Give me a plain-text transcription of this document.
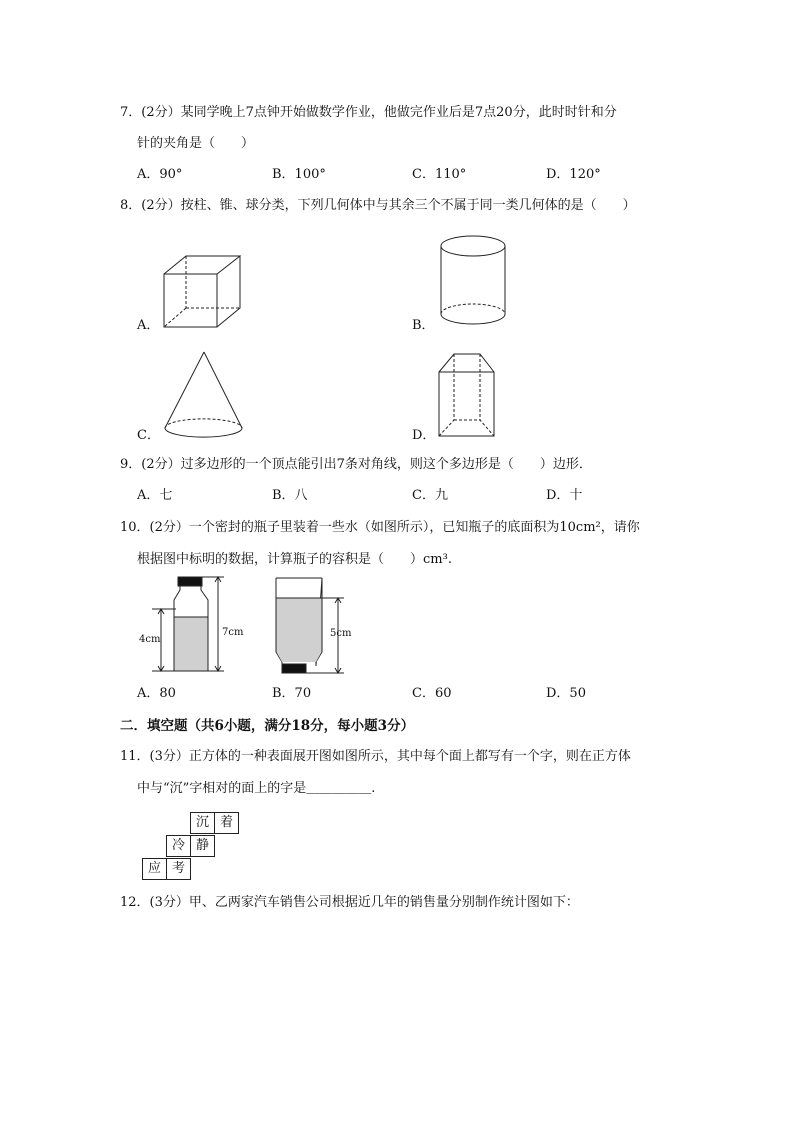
7．(2分）某同学晚上7点钟开始做数学作业，他做完作业后是7点20分，此时时针和分
针的夹角是（　　）
A．90°	B．100°	C．110°	D．120°
8．(2分）按柱、锥、球分类，下列几何体中与其余三个不属于同一类几何体的是（　　）
A．	B．
C．	D．
9．(2分）过多边形的一个顶点能引出7条对角线，则这个多边形是（　　）边形．
A．七	B．八	C．九	D．十
10．(2分）一个密封的瓶子里装着一些水（如图所示），已知瓶子的底面积为10cm²，请你
根据图中标明的数据，计算瓶子的容积是（　　）cm³.
4cm
7cm	5cm
A．80	B．70	C．60	D．50
二．填空题（共6小题，满分18分，每小题3分）
11．(3分）正方体的一种表面展开图如图所示，其中每个面上都写有一个字，则在正方体
中与“沉”字相对的面上的字是＿＿＿＿＿.
沉 着
冷 静
应 考
12．(3分）甲、乙两家汽车销售公司根据近几年的销售量分别制作统计图如下：
